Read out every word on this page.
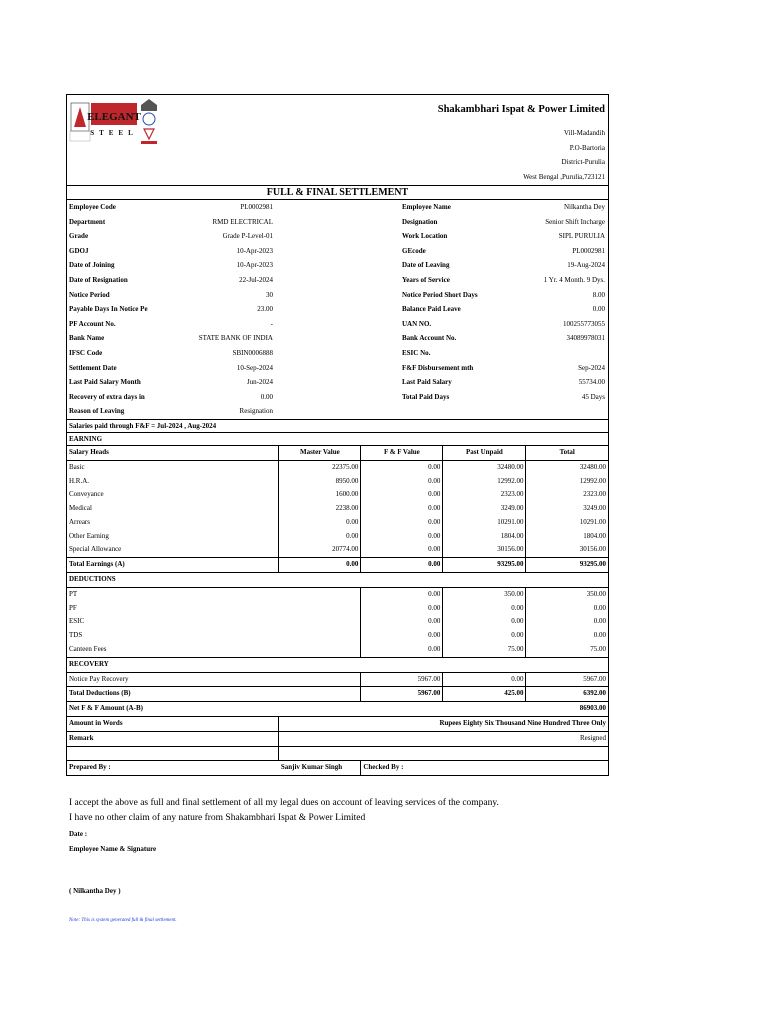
ELEGANT
STEEL
Shakambhari Ispat & Power Limited
Vill-Madandih
P.O-Bartoria
District-Purulia
West Bengal ,Purulia,723121
FULL & FINAL SETTLEMENT
Employee Code	PL0002981	Employee Name	Nilkantha Dey
Department	RMD ELECTRICAL	Designation	Senior Shift Incharge
Grade	Grade P-Level-01	Work Location	SIPL PURULIA
GDOJ	10-Apr-2023	GEcode	PL0002981
Date of Joining	10-Apr-2023	Date of Leaving	19-Aug-2024
Date of Resignation	22-Jul-2024	Years of Service	1 Yr. 4 Month. 9 Dys.
Notice Period	30	Notice Period Short Days	8.00
Payable Days In Notice Pe	23.00	Balance Paid Leave	0.00
PF Account No.	-	UAN NO.	100255773055
Bank Name	STATE BANK OF INDIA	Bank Account No.	34089978031
IFSC Code	SBIN0006888	ESIC No.
Settlement Date	10-Sep-2024	F&F Disbursement mth	Sep-2024
Last Paid Salary Month	Jun-2024	Last Paid Salary	55734.00
Recovery of extra days in	0.00	Total Paid Days	45 Days
Reason of Leaving	Resignation
Salaries paid through F&F = Jul-2024 , Aug-2024
EARNING
Salary Heads	Master Value	F & F Value	Past Unpaid	Total
Basic	22375.00	0.00	32480.00	32480.00
H.R.A.	8950.00	0.00	12992.00	12992.00
Conveyance	1600.00	0.00	2323.00	2323.00
Medical	2238.00	0.00	3249.00	3249.00
Arrears	0.00	0.00	10291.00	10291.00
Other Earning	0.00	0.00	1804.00	1804.00
Special Allowance	20774.00	0.00	30156.00	30156.00
Total Earnings (A)	0.00	0.00	93295.00	93295.00
DEDUCTIONS				
PT		0.00	350.00	350.00
PF		0.00	0.00	0.00
ESIC		0.00	0.00	0.00
TDS		0.00	0.00	0.00
Canteen Fees		0.00	75.00	75.00
RECOVERY				
Notice Pay Recovery		5967.00	0.00	5967.00
Total Deductions (B)		5967.00	425.00	6392.00
Net F & F Amount (A-B)				86903.00
Amount in Words	Rupees Eighty Six Thousand Nine Hundred Three Only			
Remark	Resigned			

Prepared By :	Sanjiv Kumar Singh	Checked By :		
I accept the above as full and final settlement of all my legal dues on account of leaving services of the company.
I have no other claim of any nature from Shakambhari Ispat & Power Limited
Date :
Employee Name & Signature
( Nilkantha Dey )
Note: This is system generated full & final settlement.
